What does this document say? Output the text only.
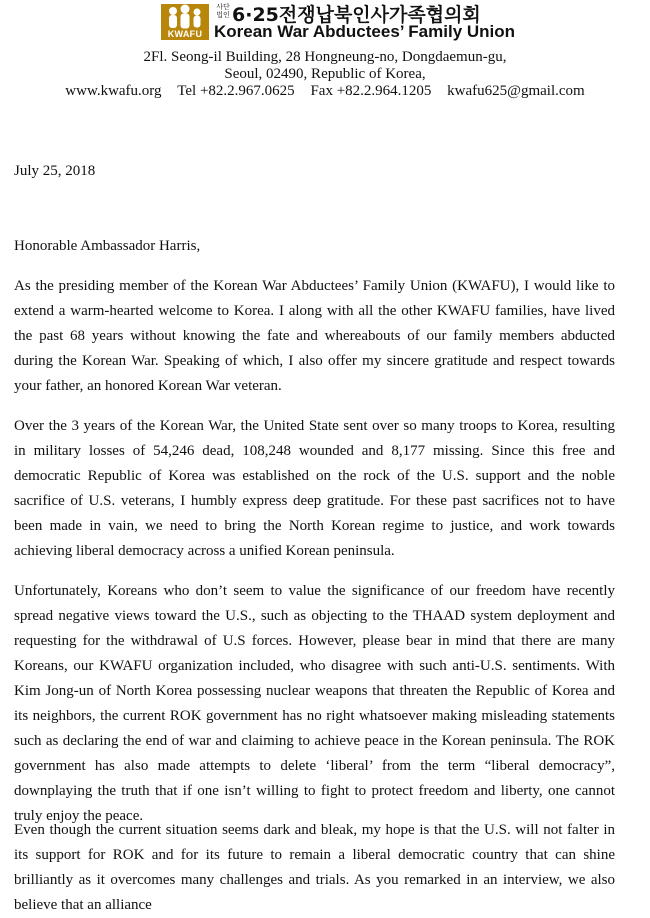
KWAFU
사단
법인 6·25전쟁납북인사가족협의회
Korean War Abductees’ Family Union
2Fl. Seong-il Building, 28 Hongneung-no, Dongdaemun-gu,
Seoul, 02490, Republic of Korea,
www.kwafu.org Tel +82.2.967.0625 Fax +82.2.964.1205 kwafu625@gmail.com
July 25, 2018
Honorable Ambassador Harris,
As the presiding member of the Korean War Abductees’ Family Union (KWAFU), I would like to extend a warm-hearted welcome to Korea. I along with all the other KWAFU families, have lived the past 68 years without knowing the fate and whereabouts of our family members abducted during the Korean War. Speaking of which, I also offer my sincere gratitude and respect towards your father, an honored Korean War veteran.
Over the 3 years of the Korean War, the United State sent over so many troops to Korea, resulting in military losses of 54,246 dead, 108,248 wounded and 8,177 missing. Since this free and democratic Republic of Korea was established on the rock of the U.S. support and the noble sacrifice of U.S. veterans, I humbly express deep gratitude. For these past sacrifices not to have been made in vain, we need to bring the North Korean regime to justice, and work towards achieving liberal democracy across a unified Korean peninsula.
Unfortunately, Koreans who don’t seem to value the significance of our freedom have recently spread negative views toward the U.S., such as objecting to the THAAD system deployment and requesting for the withdrawal of U.S forces. However, please bear in mind that there are many Koreans, our KWAFU organization included, who disagree with such anti-U.S. sentiments. With Kim Jong-un of North Korea possessing nuclear weapons that threaten the Republic of Korea and its neighbors, the current ROK government has no right whatsoever making misleading statements such as declaring the end of war and claiming to achieve peace in the Korean peninsula. The ROK government has also made attempts to delete ‘liberal’ from the term “liberal democracy”, downplaying the truth that if one isn’t willing to fight to protect freedom and liberty, one cannot truly enjoy the peace.
Even though the current situation seems dark and bleak, my hope is that the U.S. will not falter in its support for ROK and for its future to remain a liberal democratic country that can shine brilliantly as it overcomes many challenges and trials. As you remarked in an interview, we also believe that an alliance
